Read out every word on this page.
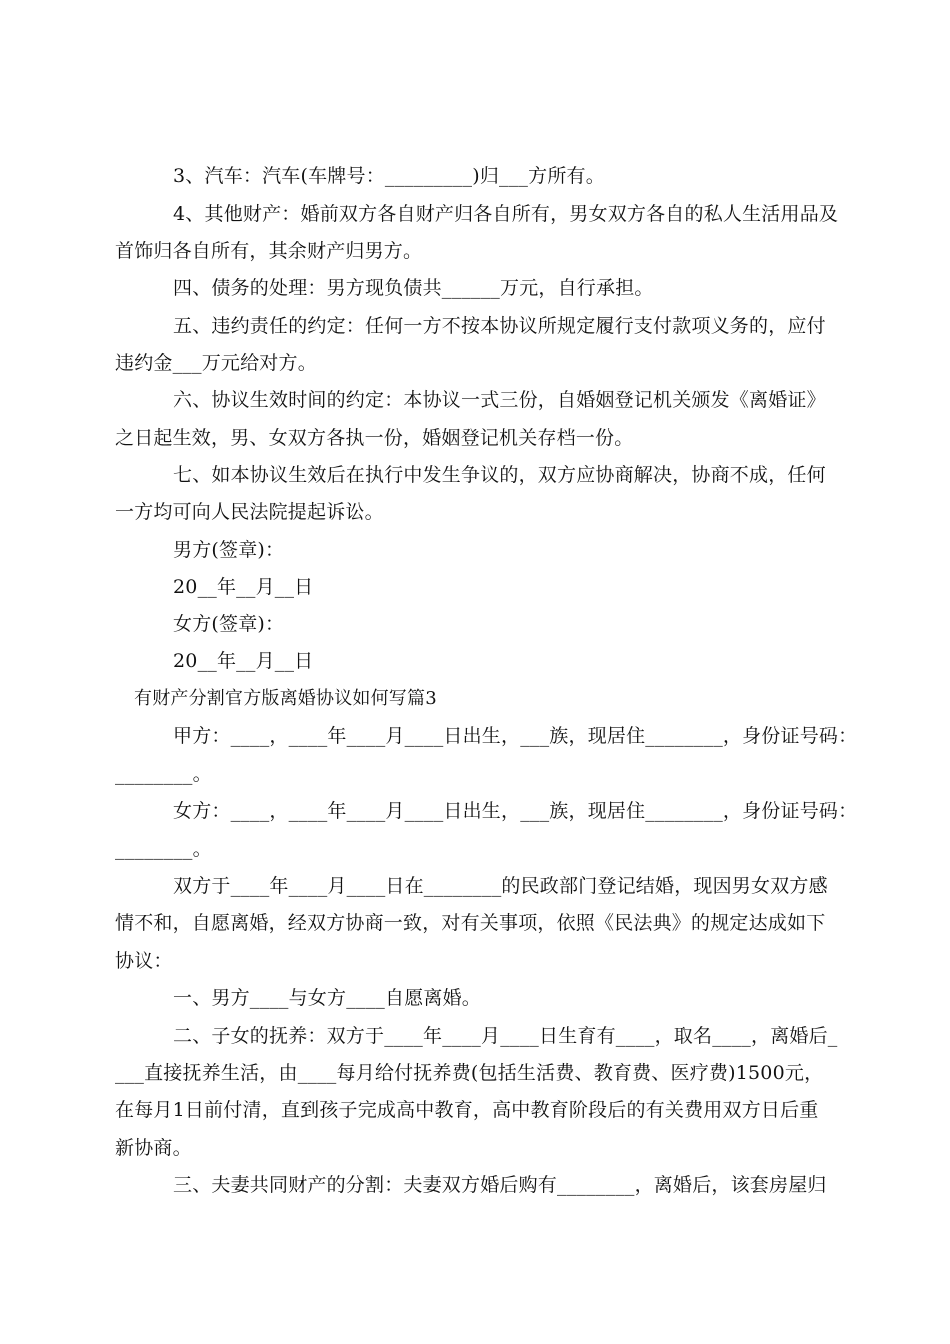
3、汽车：汽车(车牌号：_________)归___方所有。
4、其他财产：婚前双方各自财产归各自所有，男女双方各自的私人生活用品及
首饰归各自所有，其余财产归男方。
四、债务的处理：男方现负债共______万元，自行承担。
五、违约责任的约定：任何一方不按本协议所规定履行支付款项义务的，应付
违约金___万元给对方。
六、协议生效时间的约定：本协议一式三份，自婚姻登记机关颁发《离婚证》
之日起生效，男、女双方各执一份，婚姻登记机关存档一份。
七、如本协议生效后在执行中发生争议的，双方应协商解决，协商不成，任何
一方均可向人民法院提起诉讼。
男方(签章)：
20__年__月__日
女方(签章)：
20__年__月__日
有财产分割官方版离婚协议如何写篇3
甲方：____，____年____月____日出生，___族，现居住________，身份证号码：
________。
女方：____，____年____月____日出生，___族，现居住________，身份证号码：
________。
双方于____年____月____日在________的民政部门登记结婚，现因男女双方感
情不和，自愿离婚，经双方协商一致，对有关事项，依照《民法典》的规定达成如下
协议：
一、男方____与女方____自愿离婚。
二、子女的抚养：双方于____年____月____日生育有____，取名____，离婚后_
___直接抚养生活，由____每月给付抚养费(包括生活费、教育费、医疗费)1500元，
在每月1日前付清，直到孩子完成高中教育，高中教育阶段后的有关费用双方日后重
新协商。
三、夫妻共同财产的分割：夫妻双方婚后购有________，离婚后，该套房屋归
